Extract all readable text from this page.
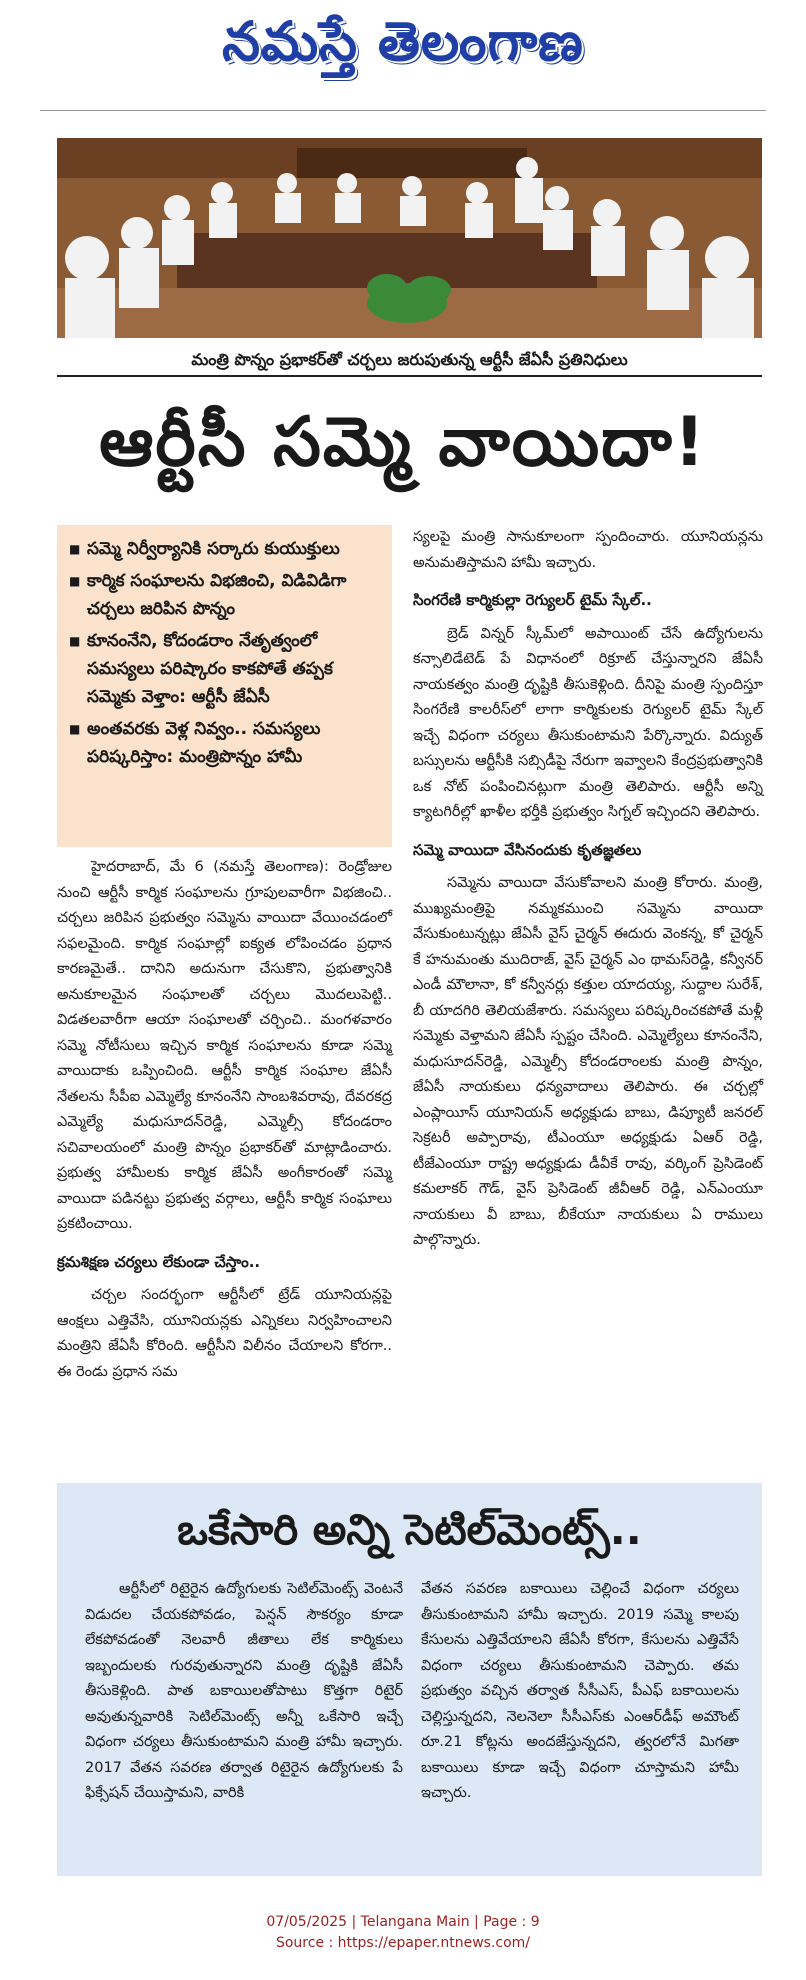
నమస్తే తెలంగాణ
మంత్రి పొన్నం ప్రభాకర్‌తో చర్చలు జరుపుతున్న ఆర్టీసీ జేఏసీ ప్రతినిధులు
ఆర్టీసీ సమ్మె వాయిదా!
■ సమ్మె నిర్వీర్యానికి సర్కారు కుయుక్తులు
■ కార్మిక సంఘాలను విభజించి, విడివిడిగా చర్చలు జరిపిన పొన్నం
■ కూనంనేని, కోదండరాం నేతృత్వంలో సమస్యలు పరిష్కారం కాకపోతే తప్పక సమ్మెకు వెళ్తాం: ఆర్టీసీ జేఏసీ
■ అంతవరకు వెళ్ల నివ్వం.. సమస్యలు పరిష్కరిస్తాం: మంత్రిపొన్నం హామీ

హైదరాబాద్, మే 6 (నమస్తే తెలంగాణ): రెండ్రోజుల నుంచి ఆర్టీసీ కార్మిక సంఘాలను గ్రూపులవారీగా విభజించి.. చర్చలు జరిపిన ప్రభుత్వం సమ్మెను వాయిదా వేయించడంలో సఫలమైంది. కార్మిక సంఘాల్లో ఐక్యత లోపించడం ప్రధాన కారణమైతే.. దానిని అదునుగా చేసుకొని, ప్రభుత్వానికి అనుకూలమైన సంఘాలతో చర్చలు మొదలుపెట్టి.. విడతలవారీగా ఆయా సంఘాలతో చర్చించి.. మంగళవారం సమ్మె నోటీసులు ఇచ్చిన కార్మిక సంఘాలను కూడా సమ్మె వాయిదాకు ఒప్పించింది. ఆర్టీసీ కార్మిక సంఘాల జేఏసీ నేతలను సీపీఐ ఎమ్మెల్యే కూనంనేని సాంబశివరావు, దేవరకద్ర ఎమ్మెల్యే మధుసూదన్‌రెడ్డి, ఎమ్మెల్సీ కోదండరాం సచివాలయంలో మంత్రి పొన్నం ప్రభాకర్‌తో మాట్లాడించారు. ప్రభుత్వ హామీలకు కార్మిక జేఏసీ అంగీకారంతో సమ్మె వాయిదా పడినట్టు ప్రభుత్వ వర్గాలు, ఆర్టీసీ కార్మిక సంఘాలు ప్రకటించాయి.

క్రమశిక్షణ చర్యలు లేకుండా చేస్తాం..

చర్చల సందర్భంగా ఆర్టీసీలో ట్రేడ్ యూనియన్లపై ఆంక్షలు ఎత్తివేసి, యూనియన్లకు ఎన్నికలు నిర్వహించాలని మంత్రిని జేఏసీ కోరింది. ఆర్టీసీని విలీనం చేయాలని కోరగా.. ఈ రెండు ప్రధాన సమ

స్యలపై మంత్రి సానుకూలంగా స్పందించారు. యూనియన్లను అనుమతిస్తామని హామీ ఇచ్చారు.

సింగరేణి కార్మికుల్లా రెగ్యులర్ టైమ్ స్కేల్..

బ్రెడ్ విన్నర్ స్కీమ్‌లో అపాయింట్ చేసే ఉద్యోగులను కన్సాలిడేటెడ్ పే విధానంలో రిక్రూట్ చేస్తున్నారని జేఏసీ నాయకత్వం మంత్రి దృష్టికి తీసుకెళ్లింది. దీనిపై మంత్రి స్పందిస్తూ సింగరేణి కాలరీస్‌లో లాగా కార్మికులకు రెగ్యులర్ టైమ్ స్కేల్ ఇచ్చే విధంగా చర్యలు తీసుకుంటామని పేర్కొన్నారు. విద్యుత్ బస్సులను ఆర్టీసీకి సబ్సిడీపై నేరుగా ఇవ్వాలని కేంద్రప్రభుత్వానికి ఒక నోట్ పంపించినట్లుగా మంత్రి తెలిపారు. ఆర్టీసీ అన్ని క్యాటగిరీల్లో ఖాళీల భర్తీకి ప్రభుత్వం సిగ్నల్ ఇచ్చిందని తెలిపారు.

సమ్మె వాయిదా వేసినందుకు కృతజ్ఞతలు

సమ్మెను వాయిదా వేసుకోవాలని మంత్రి కోరారు. మంత్రి, ముఖ్యమంత్రిపై నమ్మకముంచి సమ్మెను వాయిదా వేసుకుంటున్నట్లు జేఏసీ వైస్ చైర్మన్ ఈదురు వెంకన్న, కో చైర్మన్ కే హనుమంతు ముదిరాజ్, వైస్ చైర్మన్ ఎం థామస్‌రెడ్డి, కన్వీనర్ ఎండీ మౌలానా, కో కన్వీనర్లు కత్తుల యాదయ్య, సుద్దాల సురేశ్, బీ యాదగిరి తెలియజేశారు. సమస్యలు పరిష్కరించకపోతే మళ్లీ సమ్మెకు వెళ్తామని జేఏసీ స్పష్టం చేసింది. ఎమ్మెల్యేలు కూనంనేని, మధుసూదన్‌రెడ్డి, ఎమ్మెల్సీ కోదండరాంలకు మంత్రి పొన్నం, జేఏసీ నాయకులు ధన్యవాదాలు తెలిపారు. ఈ చర్చల్లో ఎంప్లాయీస్ యూనియన్ అధ్యక్షుడు బాబు, డిప్యూటీ జనరల్ సెక్రటరీ అప్పారావు, టీఎంయూ అధ్యక్షుడు ఏఆర్ రెడ్డి, టీజేఎంయూ రాష్ట్ర అధ్యక్షుడు డీవీకే రావు, వర్కింగ్ ప్రెసిడెంట్ కమలాకర్ గౌడ్, వైస్ ప్రెసిడెంట్ జీవీఆర్ రెడ్డి, ఎన్ఎంయూ నాయకులు వీ బాబు, బీకేయూ నాయకులు ఏ రాములు పాల్గొన్నారు.

ఒకేసారి అన్ని సెటిల్‌మెంట్స్..

ఆర్టీసీలో రిటైరైన ఉద్యోగులకు సెటిల్‌మెంట్స్ వెంటనే విడుదల చేయకపోవడం, పెన్షన్ సౌకర్యం కూడా లేకపోవడంతో నెలవారీ జీతాలు లేక కార్మికులు ఇబ్బందులకు గురవుతున్నారని మంత్రి దృష్టికి జేఏసీ తీసుకెళ్లింది. పాత బకాయిలతోపాటు కొత్తగా రిటైర్ అవుతున్నవారికి సెటిల్‌మెంట్స్ అన్నీ ఒకేసారి ఇచ్చే విధంగా చర్యలు తీసుకుంటామని మంత్రి హామీ ఇచ్చారు. 2017 వేతన సవరణ తర్వాత రిటైరైన ఉద్యోగులకు పే ఫిక్సేషన్ చేయిస్తామని, వారికి

వేతన సవరణ బకాయిలు చెల్లించే విధంగా చర్యలు తీసుకుంటామని హామీ ఇచ్చారు. 2019 సమ్మె కాలపు కేసులను ఎత్తివేయాలని జేఏసీ కోరగా, కేసులను ఎత్తివేసే విధంగా చర్యలు తీసుకుంటామని చెప్పారు. తమ ప్రభుత్వం వచ్చిన తర్వాత సీసీఎస్, పీఎఫ్ బకాయిలను చెల్లిస్తున్నదని, నెలనెలా సీసీఎస్‌కు ఎంఆర్‌డీఫ్ అమౌంట్ రూ.21 కోట్లను అందజేస్తున్నదని, త్వరలోనే మిగతా బకాయిలు కూడా ఇచ్చే విధంగా చూస్తామని హామీ ఇచ్చారు.

07/05/2025 | Telangana Main | Page : 9
Source : https://epaper.ntnews.com/
